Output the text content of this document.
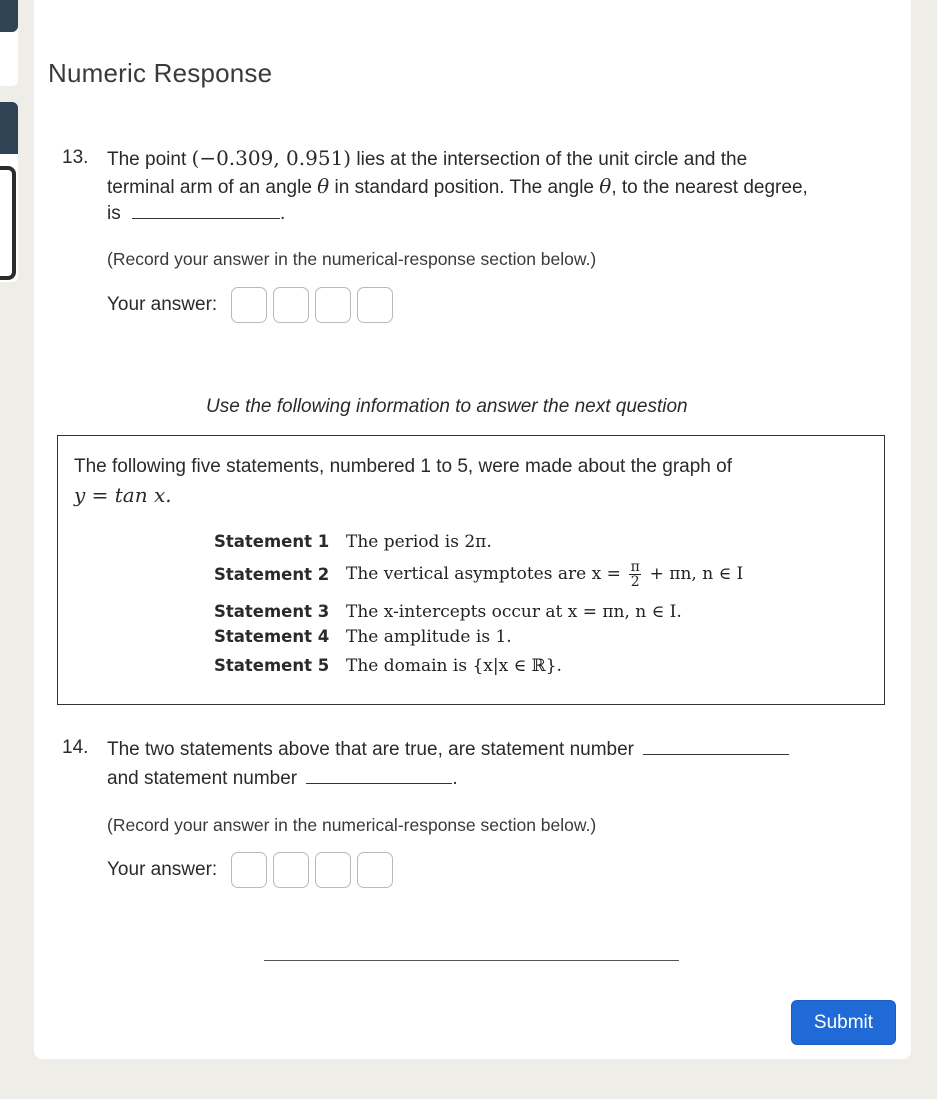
Numeric Response
13. The point (−0.309, 0.951) lies at the intersection of the unit circle and the
terminal arm of an angle θ in standard position. The angle θ, to the nearest degree,
is	.
(Record your answer in the numerical-response section below.)
Your answer:
Use the following information to answer the next question
The following five statements, numbered 1 to 5, were made about the graph of
y = tan x.
Statement 1 The period is 2π.
Statement 2 The vertical asymptotes are $x = \frac{\pi}{2} + \pi n$, n ∈ I
Statement 3 The x-intercepts occur at x = πn, n ∈ I.
Statement 4 The amplitude is 1.
Statement 5 The domain is {x|x ∈ ℝ}.
14. The two statements above that are true, are statement number
and statement number	.
(Record your answer in the numerical-response section below.)
Your answer:
Submit
